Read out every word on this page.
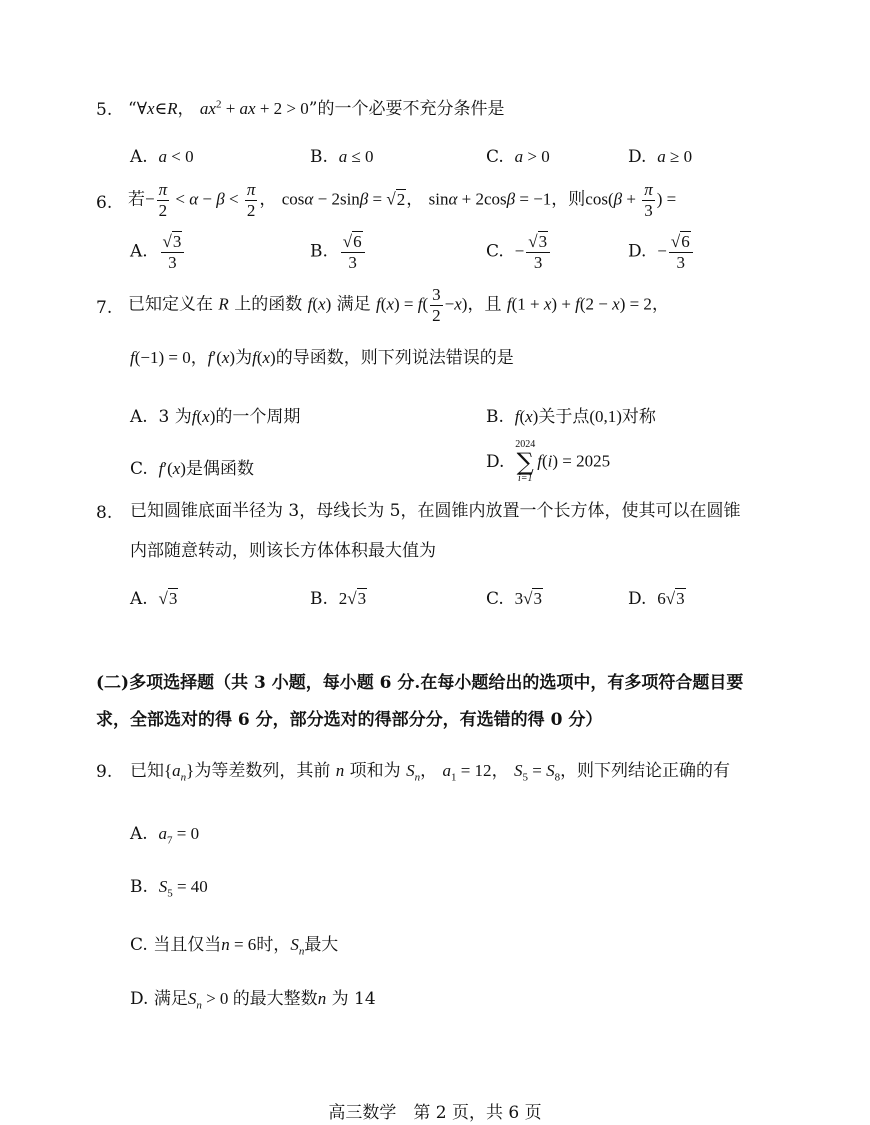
5. “∀x∈R， $ax^2$ + ax + 2 > 0”的一个必要不充分条件是
A. a < 0	B. a ≤ 0	C. a > 0	D. a ≥ 0
6. 若− $\frac{\pi}{2} < \alpha - \beta < \frac{\pi}{2}$ ， cosα − 2sinβ = √2， sinα + 2cosβ = −1，则$\cos(\beta + \frac{\pi}{3}$ ) =
A. $\frac{√3}{3}$	B. $\frac{√6}{3}$	C. − $\frac{√3}{3}$	D. − $\frac{√6}{3}$
7. 已知定义在 R 上的函数 f(x) 满足 $f(x) = f( \frac{3}{2} -x)$，且 f(1 + x) + f(2 − x) = 2，
f(−1) = 0，f′(x)为f(x)的导函数，则下列说法错误的是
A. 3 为f(x)的一个周期	B. f(x)关于点(0,1)对称
C. f′(x)是偶函数	D.
2024
∑
i=1
f(i) = 2025
8. 已知圆锥底面半径为 3，母线长为 5，在圆锥内放置一个长方体，使其可以在圆锥
内部随意转动，则该长方体体积最大值为
A. √3	B. 2√3	C. 3√3	D. 6√3
(二)多项选择题（共 3 小题，每小题 6 分.在每小题给出的选项中，有多项符合题目要
求，全部选对的得 6 分，部分选对的得部分分，有选错的得 0 分）
9. 已知$\{a_n\}$为等差数列，其前 n 项和为 $S_n$， $a_1 = 12$， $S_5 = S_8$，则下列结论正确的有
A. $a_7 = 0$
B. $S_5 = 40$
C. 当且仅当n = 6时，$S_n$最大
D. 满足$S_n > 0$ 的最大整数n 为 14
高三数学　第 2 页，共 6 页
